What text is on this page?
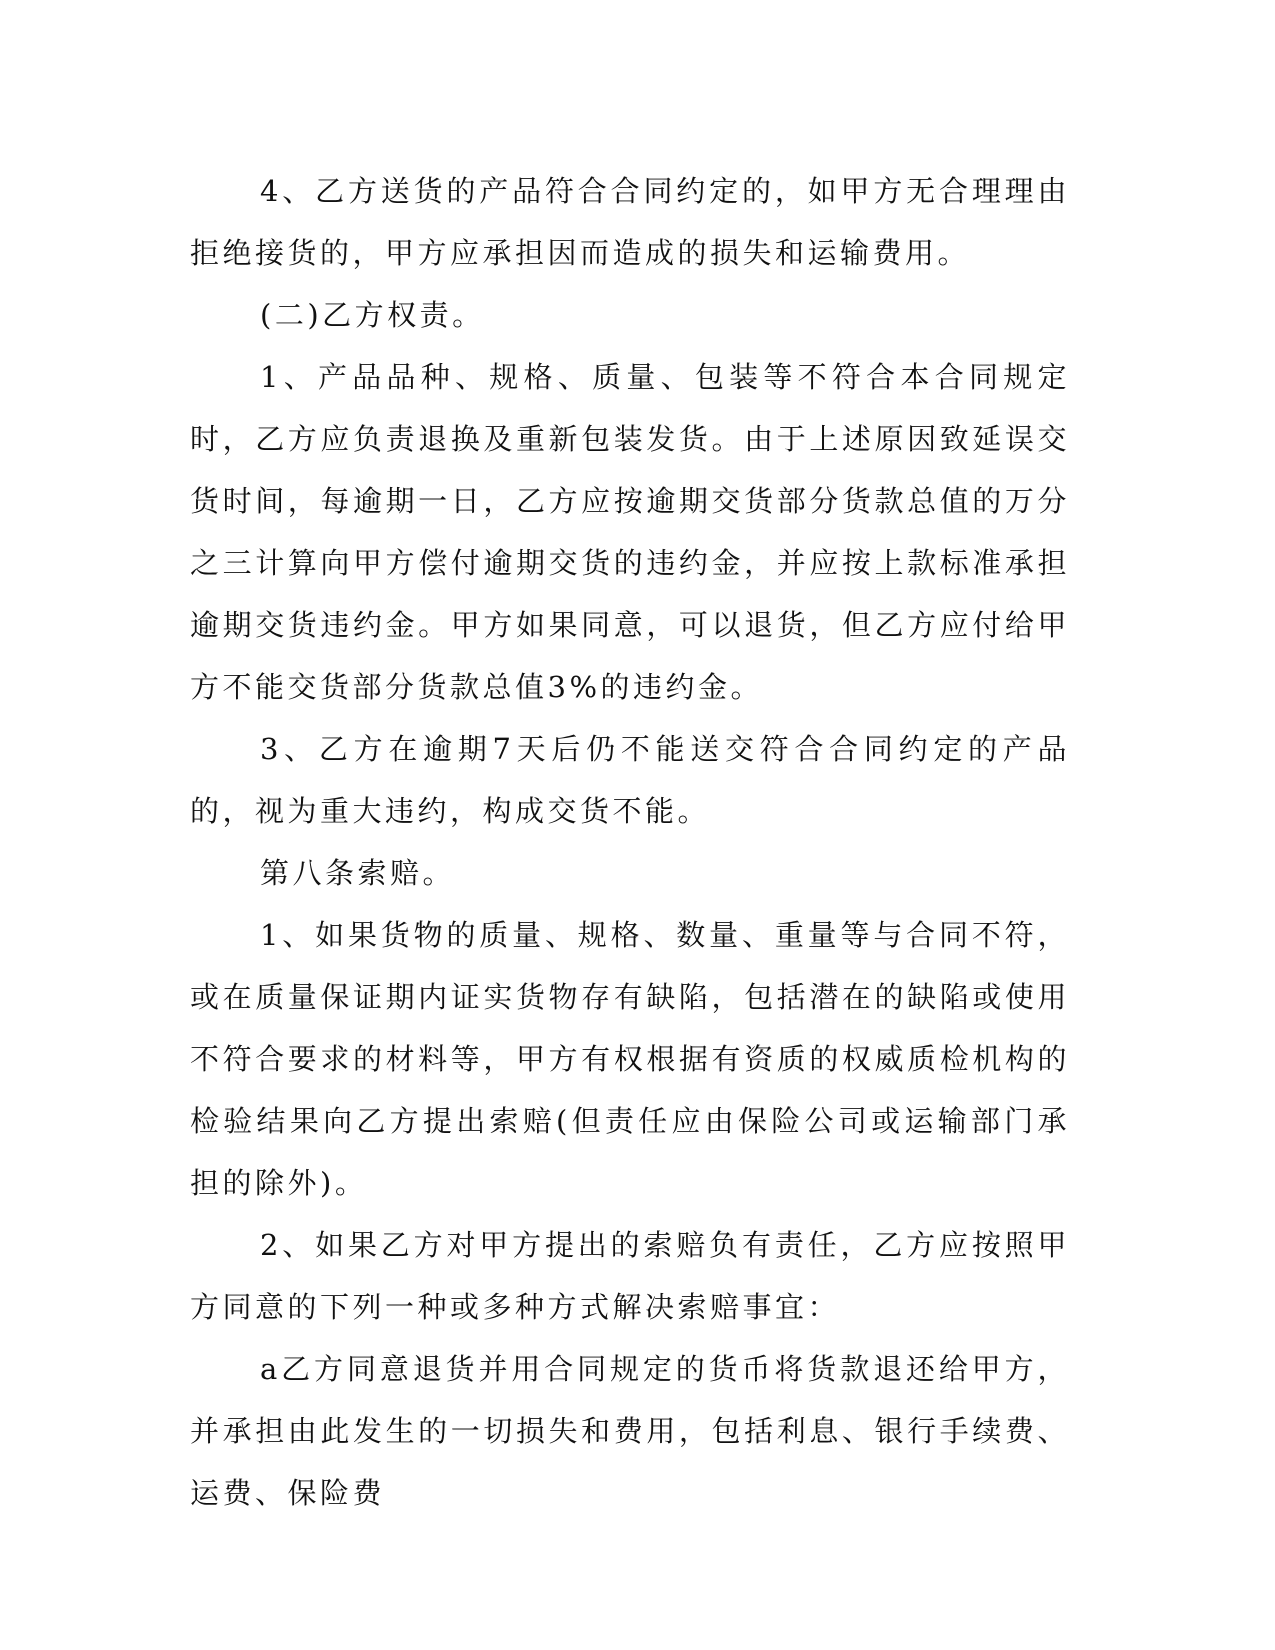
4、乙方送货的产品符合合同约定的，如甲方无合理理由拒绝接货的，甲方应承担因而造成的损失和运输费用。

(二)乙方权责。

1、产品品种、规格、质量、包装等不符合本合同规定时，乙方应负责退换及重新包装发货。由于上述原因致延误交货时间，每逾期一日，乙方应按逾期交货部分货款总值的万分之三计算向甲方偿付逾期交货的违约金，并应按上款标准承担逾期交货违约金。甲方如果同意，可以退货，但乙方应付给甲方不能交货部分货款总值3%的违约金。

3、乙方在逾期7天后仍不能送交符合合同约定的产品的，视为重大违约，构成交货不能。

第八条索赔。

1、如果货物的质量、规格、数量、重量等与合同不符，或在质量保证期内证实货物存有缺陷，包括潜在的缺陷或使用不符合要求的材料等，甲方有权根据有资质的权威质检机构的检验结果向乙方提出索赔(但责任应由保险公司或运输部门承担的除外)。

2、如果乙方对甲方提出的索赔负有责任，乙方应按照甲方同意的下列一种或多种方式解决索赔事宜：

a乙方同意退货并用合同规定的货币将货款退还给甲方，并承担由此发生的一切损失和费用，包括利息、银行手续费、运费、保险费
